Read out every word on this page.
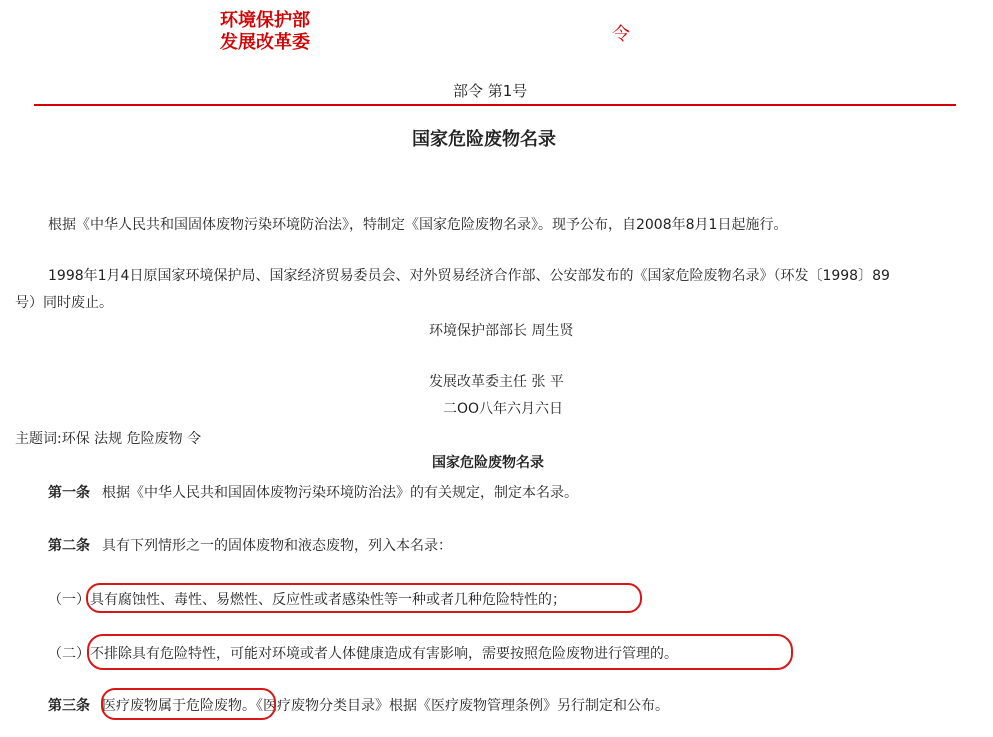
环境保护部
发展改革委	令
部令 第1号
国家危险废物名录
根据《中华人民共和国固体废物污染环境防治法》，特制定《国家危险废物名录》。现予公布，自2008年8月1日起施行。
1998年1月4日原国家环境保护局、国家经济贸易委员会、对外贸易经济合作部、公安部发布的《国家危险废物名录》（环发〔1998〕89
号）同时废止。
环境保护部部长 周生贤
发展改革委主任 张 平
二OO八年六月六日
主题词:环保 法规 危险废物 令
国家危险废物名录
第一条 根据《中华人民共和国固体废物污染环境防治法》的有关规定，制定本名录。
第二条 具有下列情形之一的固体废物和液态废物，列入本名录：
（一）具有腐蚀性、毒性、易燃性、反应性或者感染性等一种或者几种危险特性的；
（二）不排除具有危险特性，可能对环境或者人体健康造成有害影响，需要按照危险废物进行管理的。
第三条 医疗废物属于危险废物。《医疗废物分类目录》根据《医疗废物管理条例》另行制定和公布。
